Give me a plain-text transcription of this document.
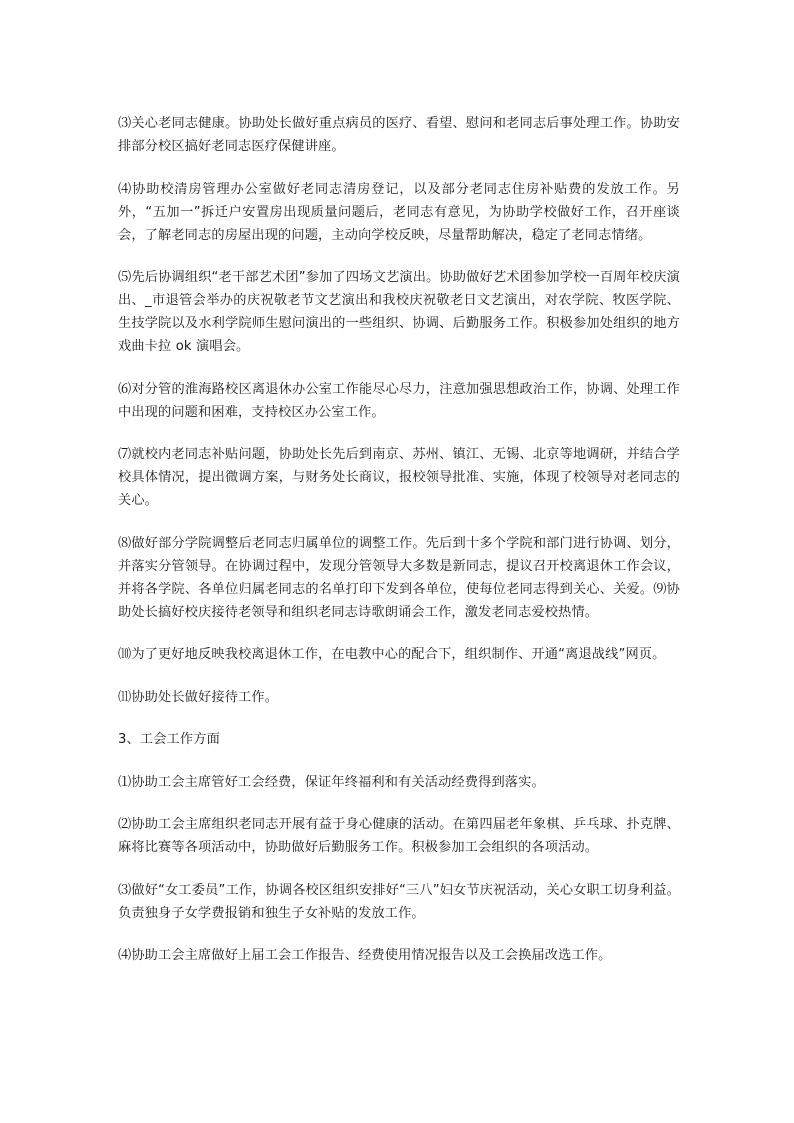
⑶关心老同志健康。协助处长做好重点病员的医疗、看望、慰问和老同志后事处理工作。协助安排部分校区搞好老同志医疗保健讲座。

⑷协助校清房管理办公室做好老同志清房登记，以及部分老同志住房补贴费的发放工作。另外，“五加一”拆迁户安置房出现质量问题后，老同志有意见，为协助学校做好工作，召开座谈会，了解老同志的房屋出现的问题，主动向学校反映，尽量帮助解决，稳定了老同志情绪。

⑸先后协调组织“老干部艺术团”参加了四场文艺演出。协助做好艺术团参加学校一百周年校庆演出、_市退管会举办的庆祝敬老节文艺演出和我校庆祝敬老日文艺演出，对农学院、牧医学院、生技学院以及水利学院师生慰问演出的一些组织、协调、后勤服务工作。积极参加处组织的地方戏曲卡拉 ok 演唱会。

⑹对分管的淮海路校区离退休办公室工作能尽心尽力，注意加强思想政治工作，协调、处理工作中出现的问题和困难，支持校区办公室工作。

⑺就校内老同志补贴问题，协助处长先后到南京、苏州、镇江、无锡、北京等地调研，并结合学校具体情况，提出微调方案，与财务处长商议，报校领导批准、实施，体现了校领导对老同志的关心。

⑻做好部分学院调整后老同志归属单位的调整工作。先后到十多个学院和部门进行协调、划分，并落实分管领导。在协调过程中，发现分管领导大多数是新同志，提议召开校离退休工作会议，并将各学院、各单位归属老同志的名单打印下发到各单位，使每位老同志得到关心、关爱。⑼协助处长搞好校庆接待老领导和组织老同志诗歌朗诵会工作，激发老同志爱校热情。

⑽为了更好地反映我校离退休工作，在电教中心的配合下，组织制作、开通“离退战线”网页。

⑾协助处长做好接待工作。

3、工会工作方面

⑴协助工会主席管好工会经费，保证年终福利和有关活动经费得到落实。

⑵协助工会主席组织老同志开展有益于身心健康的活动。在第四届老年象棋、乒乓球、扑克牌、麻将比赛等各项活动中，协助做好后勤服务工作。积极参加工会组织的各项活动。

⑶做好“女工委员”工作，协调各校区组织安排好“三八”妇女节庆祝活动，关心女职工切身利益。负责独身子女学费报销和独生子女补贴的发放工作。

⑷协助工会主席做好上届工会工作报告、经费使用情况报告以及工会换届改选工作。
